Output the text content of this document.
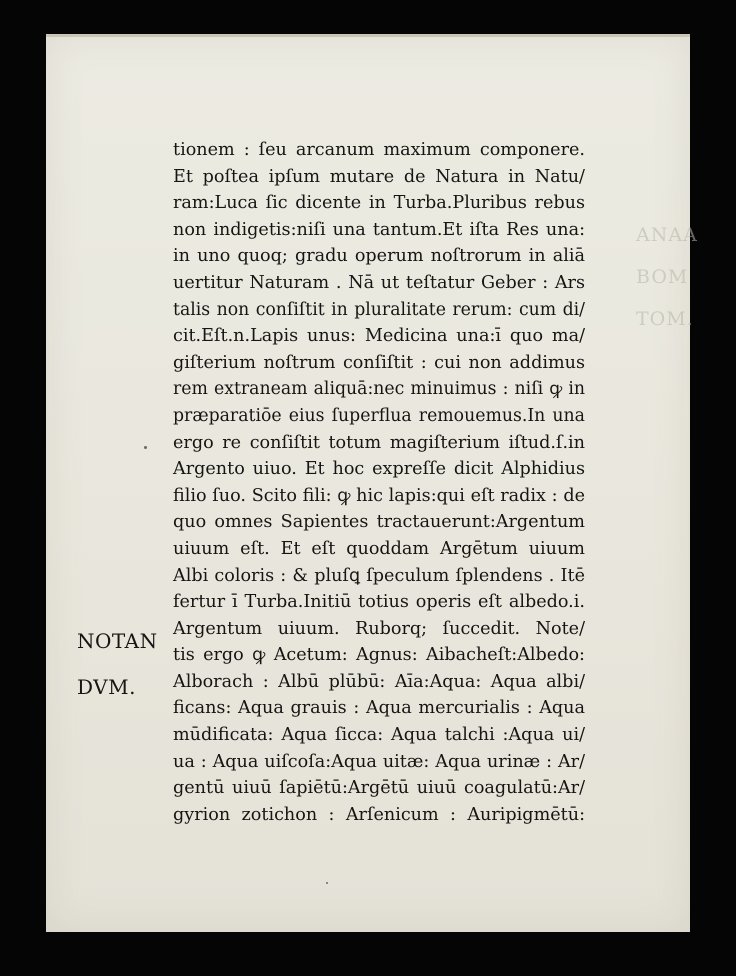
ANAA
BOM
TOM.
tionem : ſeu arcanum maximum componere.
Et poſtea ipſum mutare de Natura in Natu/
ram:Luca ſic dicente in Turba.Pluribus rebus
non indigetis:niſi una tantum.Et iſta Res una:
in uno quoq; gradu operum noſtrorum in aliā
uertitur Naturam . Nā ut teſtatur Geber : Ars
talis non conſiſtit in pluralitate rerum: cum di/
cit.Eſt.n.Lapis unus: Medicina una:ī quo ma/
giſterium noſtrum conſiſtit : cui non addimus
rem extraneam aliquā:nec minuimus : niſi ꝙ in
præparatiōe eius ſuperflua remouemus.In una
ergo re conſiſtit totum magiſterium iſtud.ſ.in
Argento uiuo. Et hoc expreſſe dicit Alphidius
filio ſuo. Scito fili: ꝙ hic lapis:qui eſt radix : de
quo omnes Sapientes tractauerunt:Argentum
uiuum eſt. Et eſt quoddam Argētum uiuum
Albi coloris : & pluſꝗ ſpeculum ſplendens . Itē
fertur ī Turba.Initiū totius operis eſt albedo.i.
Argentum uiuum. Ruborq; ſuccedit. Note/
tis ergo ꝙ Acetum: Agnus: Aibacheſt:Albedo:
Alborach : Albū plūbū: Aīa:Aqua: Aqua albi/
ficans: Aqua grauis : Aqua mercurialis : Aqua
mūdificata: Aqua ſicca: Aqua talchi :Aqua ui/
ua : Aqua uiſcoſa:Aqua uitæ: Aqua urinæ : Ar/
gentū uiuū ſapiētū:Argētū uiuū coagulatū:Ar/
gyrion zotichon : Arſenicum : Auripigmētū:
NOTAN
DVM.
